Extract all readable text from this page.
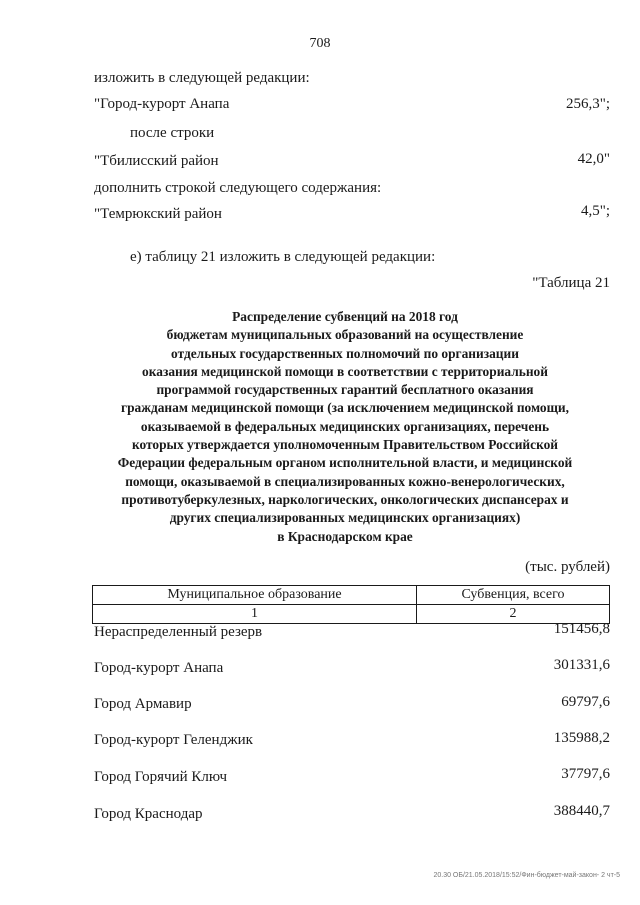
708
изложить в следующей редакции:
"Город-курорт Анапа	256,3";
после строки
"Тбилисский район	42,0"
дополнить строкой следующего содержания:
"Темрюкский район	4,5";
е) таблицу 21 изложить в следующей редакции:
"Таблица 21
Распределение субвенций на 2018 год
бюджетам муниципальных образований на осуществление
отдельных государственных полномочий по организации
оказания медицинской помощи в соответствии с территориальной
программой государственных гарантий бесплатного оказания
гражданам медицинской помощи (за исключением медицинской помощи,
оказываемой в федеральных медицинских организациях, перечень
которых утверждается уполномоченным Правительством Российской
Федерации федеральным органом исполнительной власти, и медицинской
помощи, оказываемой в специализированных кожно-венерологических,
противотуберкулезных, наркологических, онкологических диспансерах и
других специализированных медицинских организациях)
в Краснодарском крае
(тыс. рублей)
Муниципальное образование	Субвенция, всего
1	2
Нераспределенный резерв	151456,8
Город-курорт Анапа	301331,6
Город Армавир	69797,6
Город-курорт Геленджик	135988,2
Город Горячий Ключ	37797,6
Город Краснодар	388440,7
20.30 ОБ/21.05.2018/15:52/Фин-бюджет-май-закон- 2 чт-5
